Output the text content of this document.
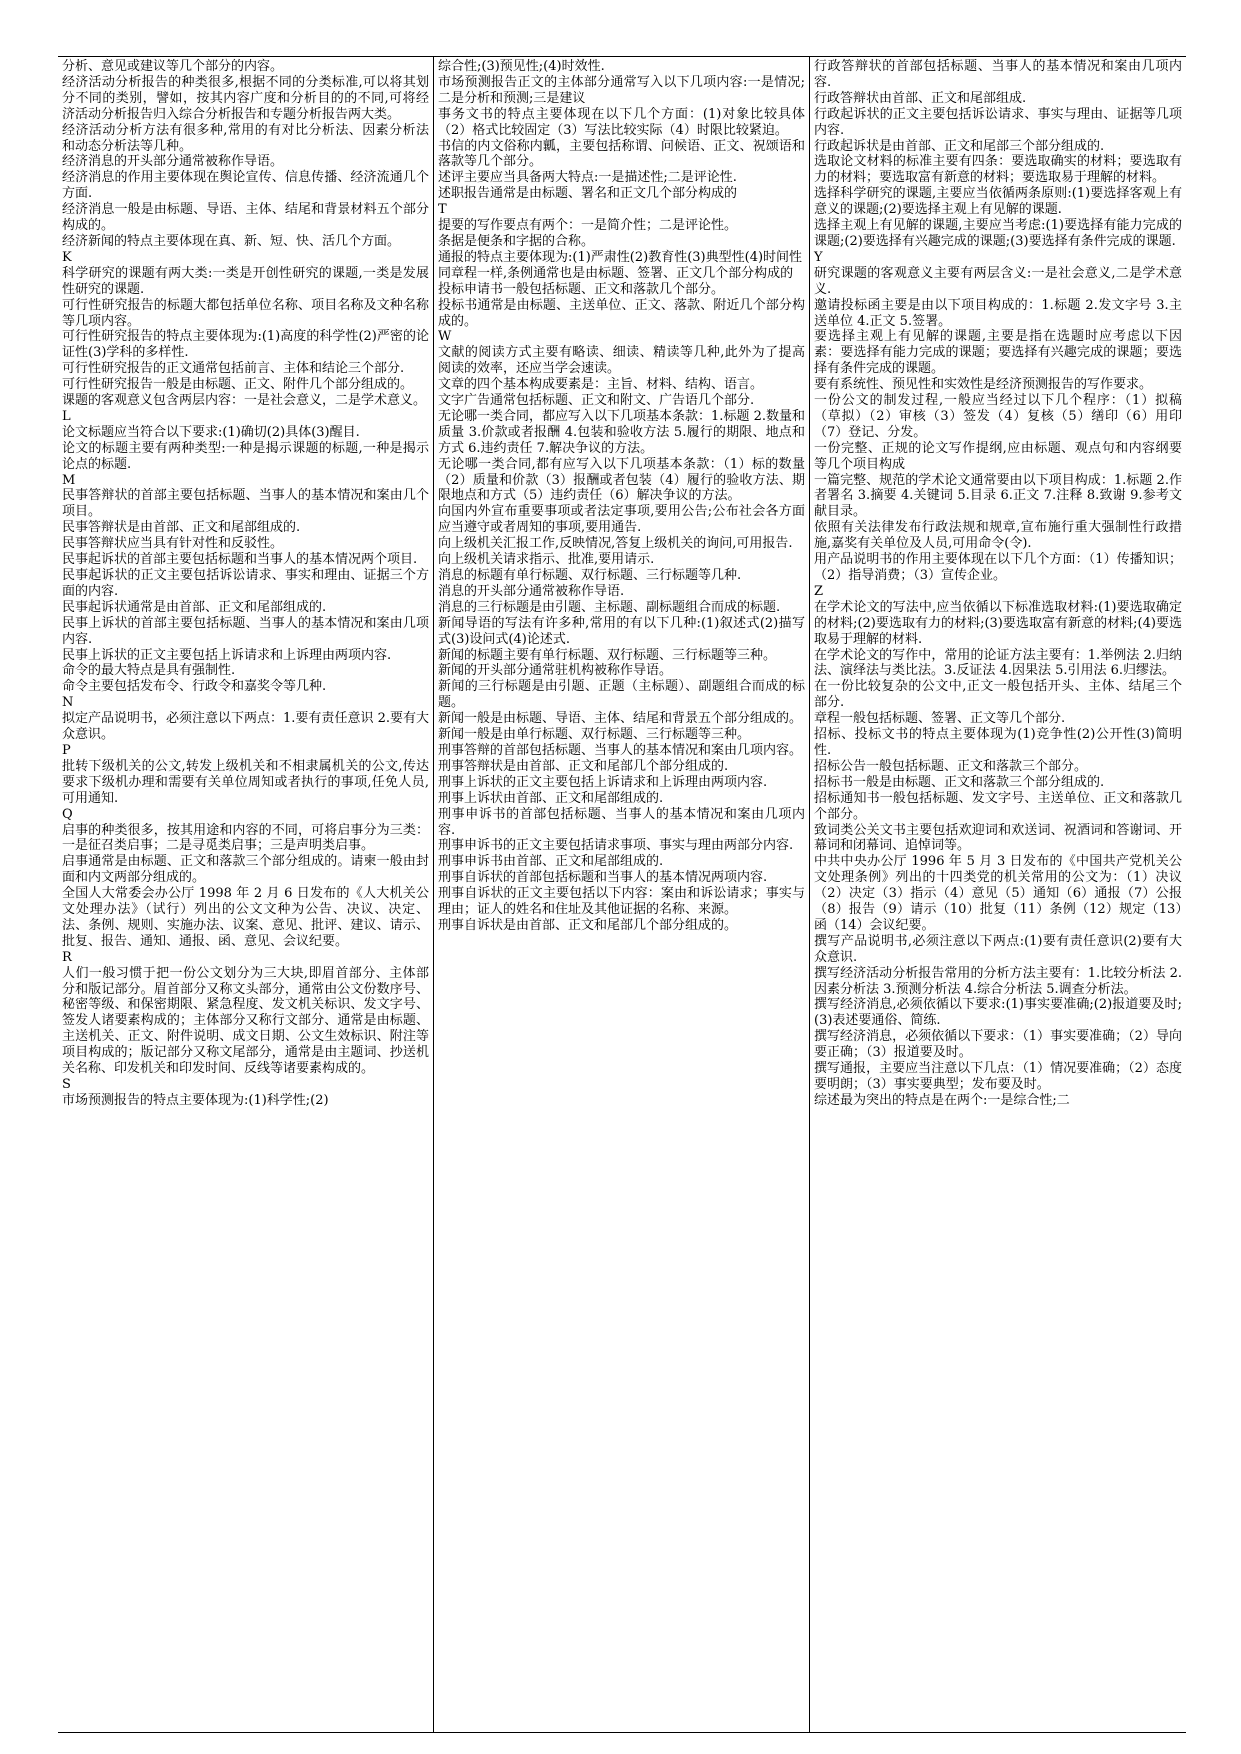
分析、意见或建议等几个部分的内容。

经济活动分析报告的种类很多,根据不同的分类标准,可以将其划分不同的类别，譬如，按其内容广度和分析目的的不同,可将经济活动分析报告归入综合分析报告和专题分析报告两大类。

经济活动分析方法有很多种,常用的有对比分析法、因素分析法和动态分析法等几种。

经济消息的开头部分通常被称作导语。

经济消息的作用主要体现在舆论宣传、信息传播、经济流通几个方面.

经济消息一般是由标题、导语、主体、结尾和背景材料五个部分构成的。

经济新闻的特点主要体现在真、新、短、快、活几个方面。

K

科学研究的课题有两大类:一类是开创性研究的课题,一类是发展性研究的课题.

可行性研究报告的标题大都包括单位名称、项目名称及文种名称等几项内容。

可行性研究报告的特点主要体现为:(1)高度的科学性(2)严密的论证性(3)学科的多样性.

可行性研究报告的正文通常包括前言、主体和结论三个部分.

可行性研究报告一般是由标题、正文、附件几个部分组成的。

课题的客观意义包含两层内容：一是社会意义，二是学术意义。

L

论文标题应当符合以下要求:(1)确切(2)具体(3)醒目.

论文的标题主要有两种类型:一种是揭示课题的标题,一种是揭示论点的标题.

M

民事答辩状的首部主要包括标题、当事人的基本情况和案由几个项目。

民事答辩状是由首部、正文和尾部组成的.

民事答辩状应当具有针对性和反驳性。

民事起诉状的首部主要包括标题和当事人的基本情况两个项目.

民事起诉状的正文主要包括诉讼请求、事实和理由、证据三个方面的内容.

民事起诉状通常是由首部、正文和尾部组成的.

民事上诉状的首部主要包括标题、当事人的基本情况和案由几项内容.

民事上诉状的正文主要包括上诉请求和上诉理由两项内容.

命令的最大特点是具有强制性.

命令主要包括发布令、行政令和嘉奖令等几种.

N

拟定产品说明书，必须注意以下两点：1.要有责任意识 2.要有大众意识。

P

批转下级机关的公文,转发上级机关和不相隶属机关的公文,传达要求下级机办理和需要有关单位周知或者执行的事项,任免人员,可用通知.

Q

启事的种类很多，按其用途和内容的不同，可将启事分为三类：一是征召类启事；二是寻觅类启事；三是声明类启事。

启事通常是由标题、正文和落款三个部分组成的。请柬一般由封面和内文两部分组成的。

全国人大常委会办公厅 1998 年 2 月 6 日发布的《人大机关公文处理办法》（试行）列出的公文文种为公告、决议、决定、法、条例、规则、实施办法、议案、意见、批评、建议、请示、批复、报告、通知、通报、函、意见、会议纪要。

R

人们一般习惯于把一份公文划分为三大块,即眉首部分、主体部分和版记部分。眉首部分又称文头部分，通常由公文份数序号、秘密等级、和保密期限、紧急程度、发文机关标识、发文字号、签发人诸要素构成的；主体部分又称行文部分、通常是由标题、主送机关、正文、附件说明、成文日期、公文生效标识、附注等项目构成的；版记部分又称文尾部分，通常是由主题词、抄送机关名称、印发机关和印发时间、反线等诸要素构成的。

S

市场预测报告的特点主要体现为:(1)科学性;(2)

综合性;(3)预见性;(4)时效性.

市场预测报告正文的主体部分通常写入以下几项内容:一是情况;二是分析和预测;三是建议

事务文书的特点主要体现在以下几个方面：(1)对象比较具体（2）格式比较固定（3）写法比较实际（4）时限比较紧迫。

书信的内文俗称内瓤，主要包括称谓、问候语、正文、祝颂语和落款等几个部分。

述评主要应当具备两大特点:一是描述性;二是评论性.

述职报告通常是由标题、署名和正文几个部分构成的

T

提要的写作要点有两个：一是简介性；二是评论性。

条据是便条和字据的合称。

通报的特点主要体现为:(1)严肃性(2)教育性(3)典型性(4)时间性

同章程一样,条例通常也是由标题、签署、正文几个部分构成的

投标申请书一般包括标题、正文和落款几个部分。

投标书通常是由标题、主送单位、正文、落款、附近几个部分构成的。

W

文献的阅读方式主要有略读、细读、精读等几种,此外为了提高阅读的效率，还应当学会速读。

文章的四个基本构成要素是：主旨、材料、结构、语言。

文字广告通常包括标题、正文和附文、广告语几个部分.

无论哪一类合同，都应写入以下几项基本条款：1.标题 2.数量和质量 3.价款或者报酬 4.包装和验收方法 5.履行的期限、地点和方式 6.违约责任 7.解决争议的方法。

无论哪一类合同,都有应写入以下几项基本条款：（1）标的数量（2）质量和价款（3）报酬或者包装（4）履行的验收方法、期限地点和方式（5）违约责任（6）解决争议的方法。

向国内外宣布重要事项或者法定事项,要用公告;公布社会各方面应当遵守或者周知的事项,要用通告.

向上级机关汇报工作,反映情况,答复上级机关的询问,可用报告.

向上级机关请求指示、批准,要用请示.

消息的标题有单行标题、双行标题、三行标题等几种.

消息的开头部分通常被称作导语.

消息的三行标题是由引题、主标题、副标题组合而成的标题.

新闻导语的写法有许多种,常用的有以下几种:(1)叙述式(2)描写式(3)设问式(4)论述式.

新闻的标题主要有单行标题、双行标题、三行标题等三种。

新闻的开头部分通常驻机构被称作导语。

新闻的三行标题是由引题、正题（主标题）、副题组合而成的标题。

新闻一般是由标题、导语、主体、结尾和背景五个部分组成的。

新闻一般是由单行标题、双行标题、三行标题等三种。

刑事答辩的首部包括标题、当事人的基本情况和案由几项内容。

刑事答辩状是由首部、正文和尾部几个部分组成的.

刑事上诉状的正文主要包括上诉请求和上诉理由两项内容.

刑事上诉状由首部、正文和尾部组成的.

刑事申诉书的首部包括标题、当事人的基本情况和案由几项内容.

刑事申诉书的正文主要包括请求事项、事实与理由两部分内容.

刑事申诉书由首部、正文和尾部组成的.

刑事自诉状的首部包括标题和当事人的基本情况两项内容.

刑事自诉状的正文主要包括以下内容：案由和诉讼请求；事实与理由；证人的姓名和住址及其他证据的名称、来源。

刑事自诉状是由首部、正文和尾部几个部分组成的。

行政答辩状的首部包括标题、当事人的基本情况和案由几项内容.

行政答辩状由首部、正文和尾部组成.

行政起诉状的正文主要包括诉讼请求、事实与理由、证据等几项内容.

行政起诉状是由首部、正文和尾部三个部分组成的.

选取论文材料的标准主要有四条：要选取确实的材料；要选取有力的材料；要选取富有新意的材料；要选取易于理解的材料。

选择科学研究的课题,主要应当依循两条原则:(1)要选择客观上有意义的课题;(2)要选择主观上有见解的课题.

选择主观上有见解的课题,主要应当考虑:(1)要选择有能力完成的课题;(2)要选择有兴趣完成的课题;(3)要选择有条件完成的课题.

Y

研究课题的客观意义主要有两层含义:一是社会意义,二是学术意义.

邀请投标函主要是由以下项目构成的：1.标题 2.发文字号 3.主送单位 4.正文 5.签署。

要选择主观上有见解的课题,主要是指在选题时应考虑以下因素：要选择有能力完成的课题；要选择有兴趣完成的课题；要选择有条件完成的课题。

要有系统性、预见性和实效性是经济预测报告的写作要求。

一份公文的制发过程,一般应当经过以下几个程序：（1）拟稿（草拟）（2）审核（3）签发（4）复核（5）缮印（6）用印（7）登记、分发。

一份完整、正规的论文写作提纲,应由标题、观点句和内容纲要等几个项目构成

一篇完整、规范的学术论文通常要由以下项目构成：1.标题 2.作者署名 3.摘要 4.关键词 5.目录 6.正文 7.注释 8.致谢 9.参考文献目录。

依照有关法律发布行政法规和规章,宣布施行重大强制性行政措施,嘉奖有关单位及人员,可用命令(令).

用产品说明书的作用主要体现在以下几个方面：（1）传播知识；（2）指导消费；（3）宣传企业。

Z

在学术论文的写法中,应当依循以下标准选取材料:(1)要选取确定的材料;(2)要选取有力的材料;(3)要选取富有新意的材料;(4)要选取易于理解的材料.

在学术论文的写作中，常用的论证方法主要有：1.举例法 2.归纳法、演绎法与类比法。3.反证法 4.因果法 5.引用法 6.归缪法。

在一份比较复杂的公文中,正文一般包括开头、主体、结尾三个部分.

章程一般包括标题、签署、正文等几个部分.

招标、投标文书的特点主要体现为(1)竞争性(2)公开性(3)简明性.

招标公告一般包括标题、正文和落款三个部分。

招标书一般是由标题、正文和落款三个部分组成的.

招标通知书一般包括标题、发文字号、主送单位、正文和落款几个部分。

致词类公关文书主要包括欢迎词和欢送词、祝酒词和答谢词、开幕词和闭幕词、追悼词等。

中共中央办公厅 1996 年 5 月 3 日发布的《中国共产党机关公文处理条例》列出的十四类党的机关常用的公文为：（1）决议（2）决定（3）指示（4）意见（5）通知（6）通报（7）公报（8）报告（9）请示（10）批复（11）条例（12）规定（13）函（14）会议纪要。

撰写产品说明书,必须注意以下两点:(1)要有责任意识(2)要有大众意识.

撰写经济活动分析报告常用的分析方法主要有：1.比较分析法 2.因素分析法 3.预测分析法 4.综合分析法 5.调查分析法。

撰写经济消息,必须依循以下要求:(1)事实要准确;(2)报道要及时;(3)表述要通俗、简练.

撰写经济消息，必须依循以下要求：（1）事实要准确；（2）导向要正确；（3）报道要及时。

撰写通报，主要应当注意以下几点：（1）情况要准确；（2）态度要明朗；（3）事实要典型；发布要及时。

综述最为突出的特点是在两个:一是综合性;二
